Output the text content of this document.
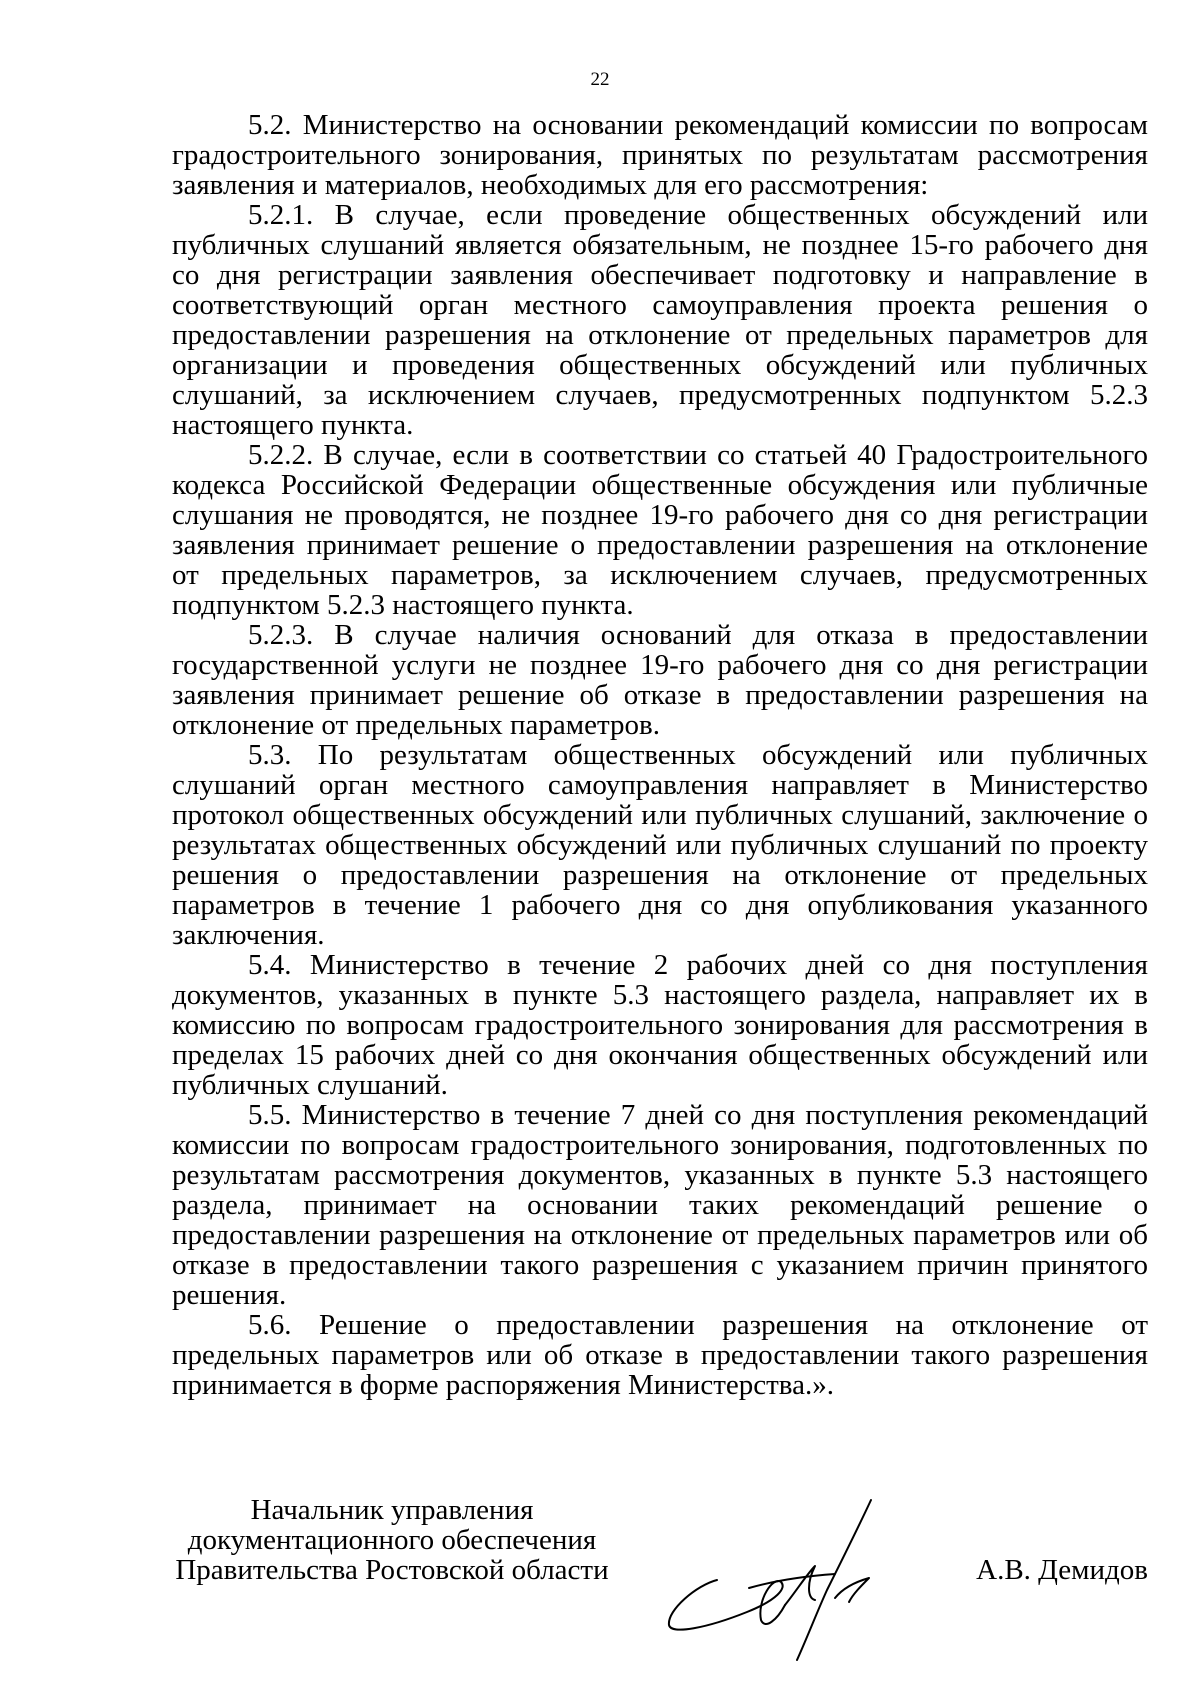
22

5.2. Министерство на основании рекомендаций комиссии по вопросам градостроительного зонирования, принятых по результатам рассмотрения заявления и материалов, необходимых для его рассмотрения:

5.2.1. В случае, если проведение общественных обсуждений или публичных слушаний является обязательным, не позднее 15-го рабочего дня со дня регистрации заявления обеспечивает подготовку и направление в соответствующий орган местного самоуправления проекта решения о предоставлении разрешения на отклонение от предельных параметров для организации и проведения общественных обсуждений или публичных слушаний, за исключением случаев, предусмотренных подпунктом 5.2.3 настоящего пункта.

5.2.2. В случае, если в соответствии со статьей 40 Градостроительного кодекса Российской Федерации общественные обсуждения или публичные слушания не проводятся, не позднее 19-го рабочего дня со дня регистрации заявления принимает решение о предоставлении разрешения на отклонение от предельных параметров, за исключением случаев, предусмотренных подпунктом 5.2.3 настоящего пункта.

5.2.3. В случае наличия оснований для отказа в предоставлении государственной услуги не позднее 19-го рабочего дня со дня регистрации заявления принимает решение об отказе в предоставлении разрешения на отклонение от предельных параметров.

5.3. По результатам общественных обсуждений или публичных слушаний орган местного самоуправления направляет в Министерство протокол общественных обсуждений или публичных слушаний, заключение о результатах общественных обсуждений или публичных слушаний по проекту решения о предоставлении разрешения на отклонение от предельных параметров в течение 1 рабочего дня со дня опубликования указанного заключения.

5.4. Министерство в течение 2 рабочих дней со дня поступления документов, указанных в пункте 5.3 настоящего раздела, направляет их в комиссию по вопросам градостроительного зонирования для рассмотрения в пределах 15 рабочих дней со дня окончания общественных обсуждений или публичных слушаний.

5.5. Министерство в течение 7 дней со дня поступления рекомендаций комиссии по вопросам градостроительного зонирования, подготовленных по результатам рассмотрения документов, указанных в пункте 5.3 настоящего раздела, принимает на основании таких рекомендаций решение о предоставлении разрешения на отклонение от предельных параметров или об отказе в предоставлении такого разрешения с указанием причин принятого решения.

5.6. Решение о предоставлении разрешения на отклонение от предельных параметров или об отказе в предоставлении такого разрешения принимается в форме распоряжения Министерства.».

Начальник управления
документационного обеспечения
Правительства Ростовской области	А.В. Демидов
